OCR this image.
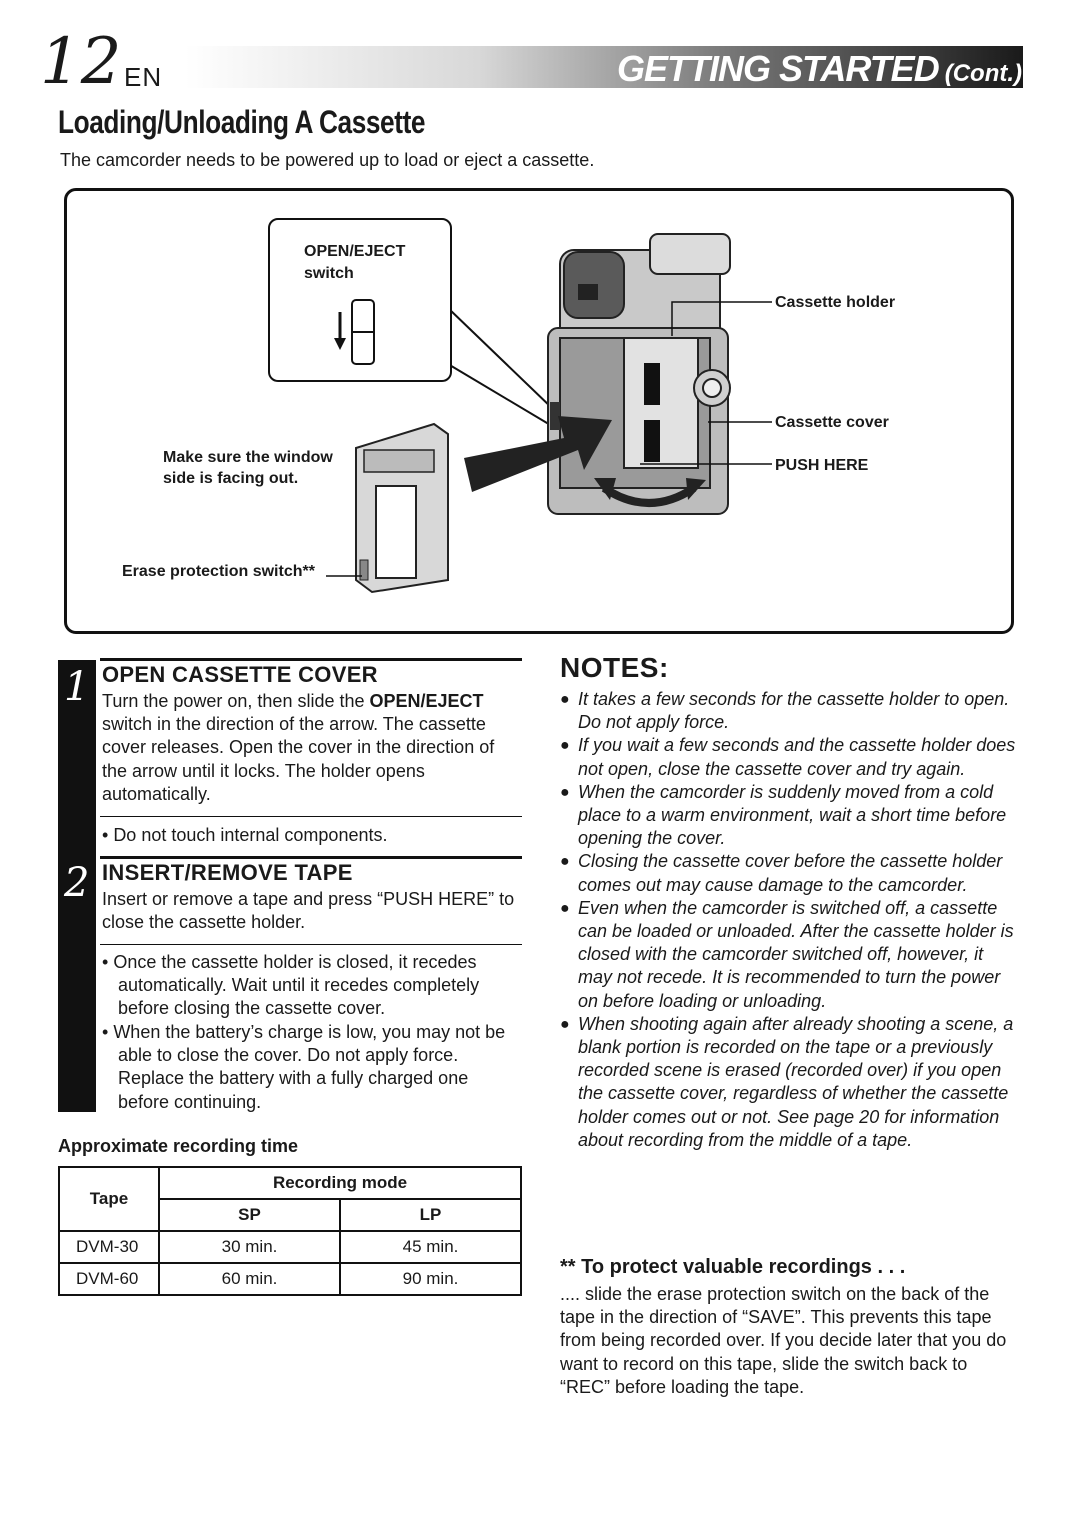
12 EN	GETTING STARTED (Cont.)
Loading/Unloading A Cassette
The camcorder needs to be powered up to load or eject a cassette.
OPEN/EJECT
switch
Cassette holder
Cassette cover
PUSH HERE
Make sure the window
side is facing out.
Erase protection switch**
1
2
OPEN CASSETTE COVER
Turn the power on, then slide the OPEN/EJECT switch in the direction of the arrow. The cassette cover releases. Open the cover in the direction of the arrow until it locks. The holder opens automatically.
• Do not touch internal components.
INSERT/REMOVE TAPE
Insert or remove a tape and press “PUSH HERE” to close the cassette holder.
• Once the cassette holder is closed, it recedes automatically. Wait until it recedes completely before closing the cassette cover.
• When the battery’s charge is low, you may not be able to close the cover. Do not apply force. Replace the battery with a fully charged one before continuing.
Approximate recording time
Tape	Recording mode	
	SP	LP
DVM-30	30 min.	45 min.
DVM-60	60 min.	90 min.
NOTES:
● It takes a few seconds for the cassette holder to open. Do not apply force.
● If you wait a few seconds and the cassette holder does not open, close the cassette cover and try again.
● When the camcorder is suddenly moved from a cold place to a warm environment, wait a short time before opening the cover.
● Closing the cassette cover before the cassette holder comes out may cause damage to the camcorder.
● Even when the camcorder is switched off, a cassette can be loaded or unloaded. After the cassette holder is closed with the camcorder switched off, however, it may not recede. It is recommended to turn the power on before loading or unloading.
● When shooting again after already shooting a scene, a blank portion is recorded on the tape or a previously recorded scene is erased (recorded over) if you open the cassette cover, regardless of whether the cassette holder comes out or not. See page 20 for information about recording from the middle of a tape.
** To protect valuable recordings . . .
.... slide the erase protection switch on the back of the tape in the direction of “SAVE”. This prevents this tape from being recorded over. If you decide later that you do want to record on this tape, slide the switch back to “REC” before loading the tape.
